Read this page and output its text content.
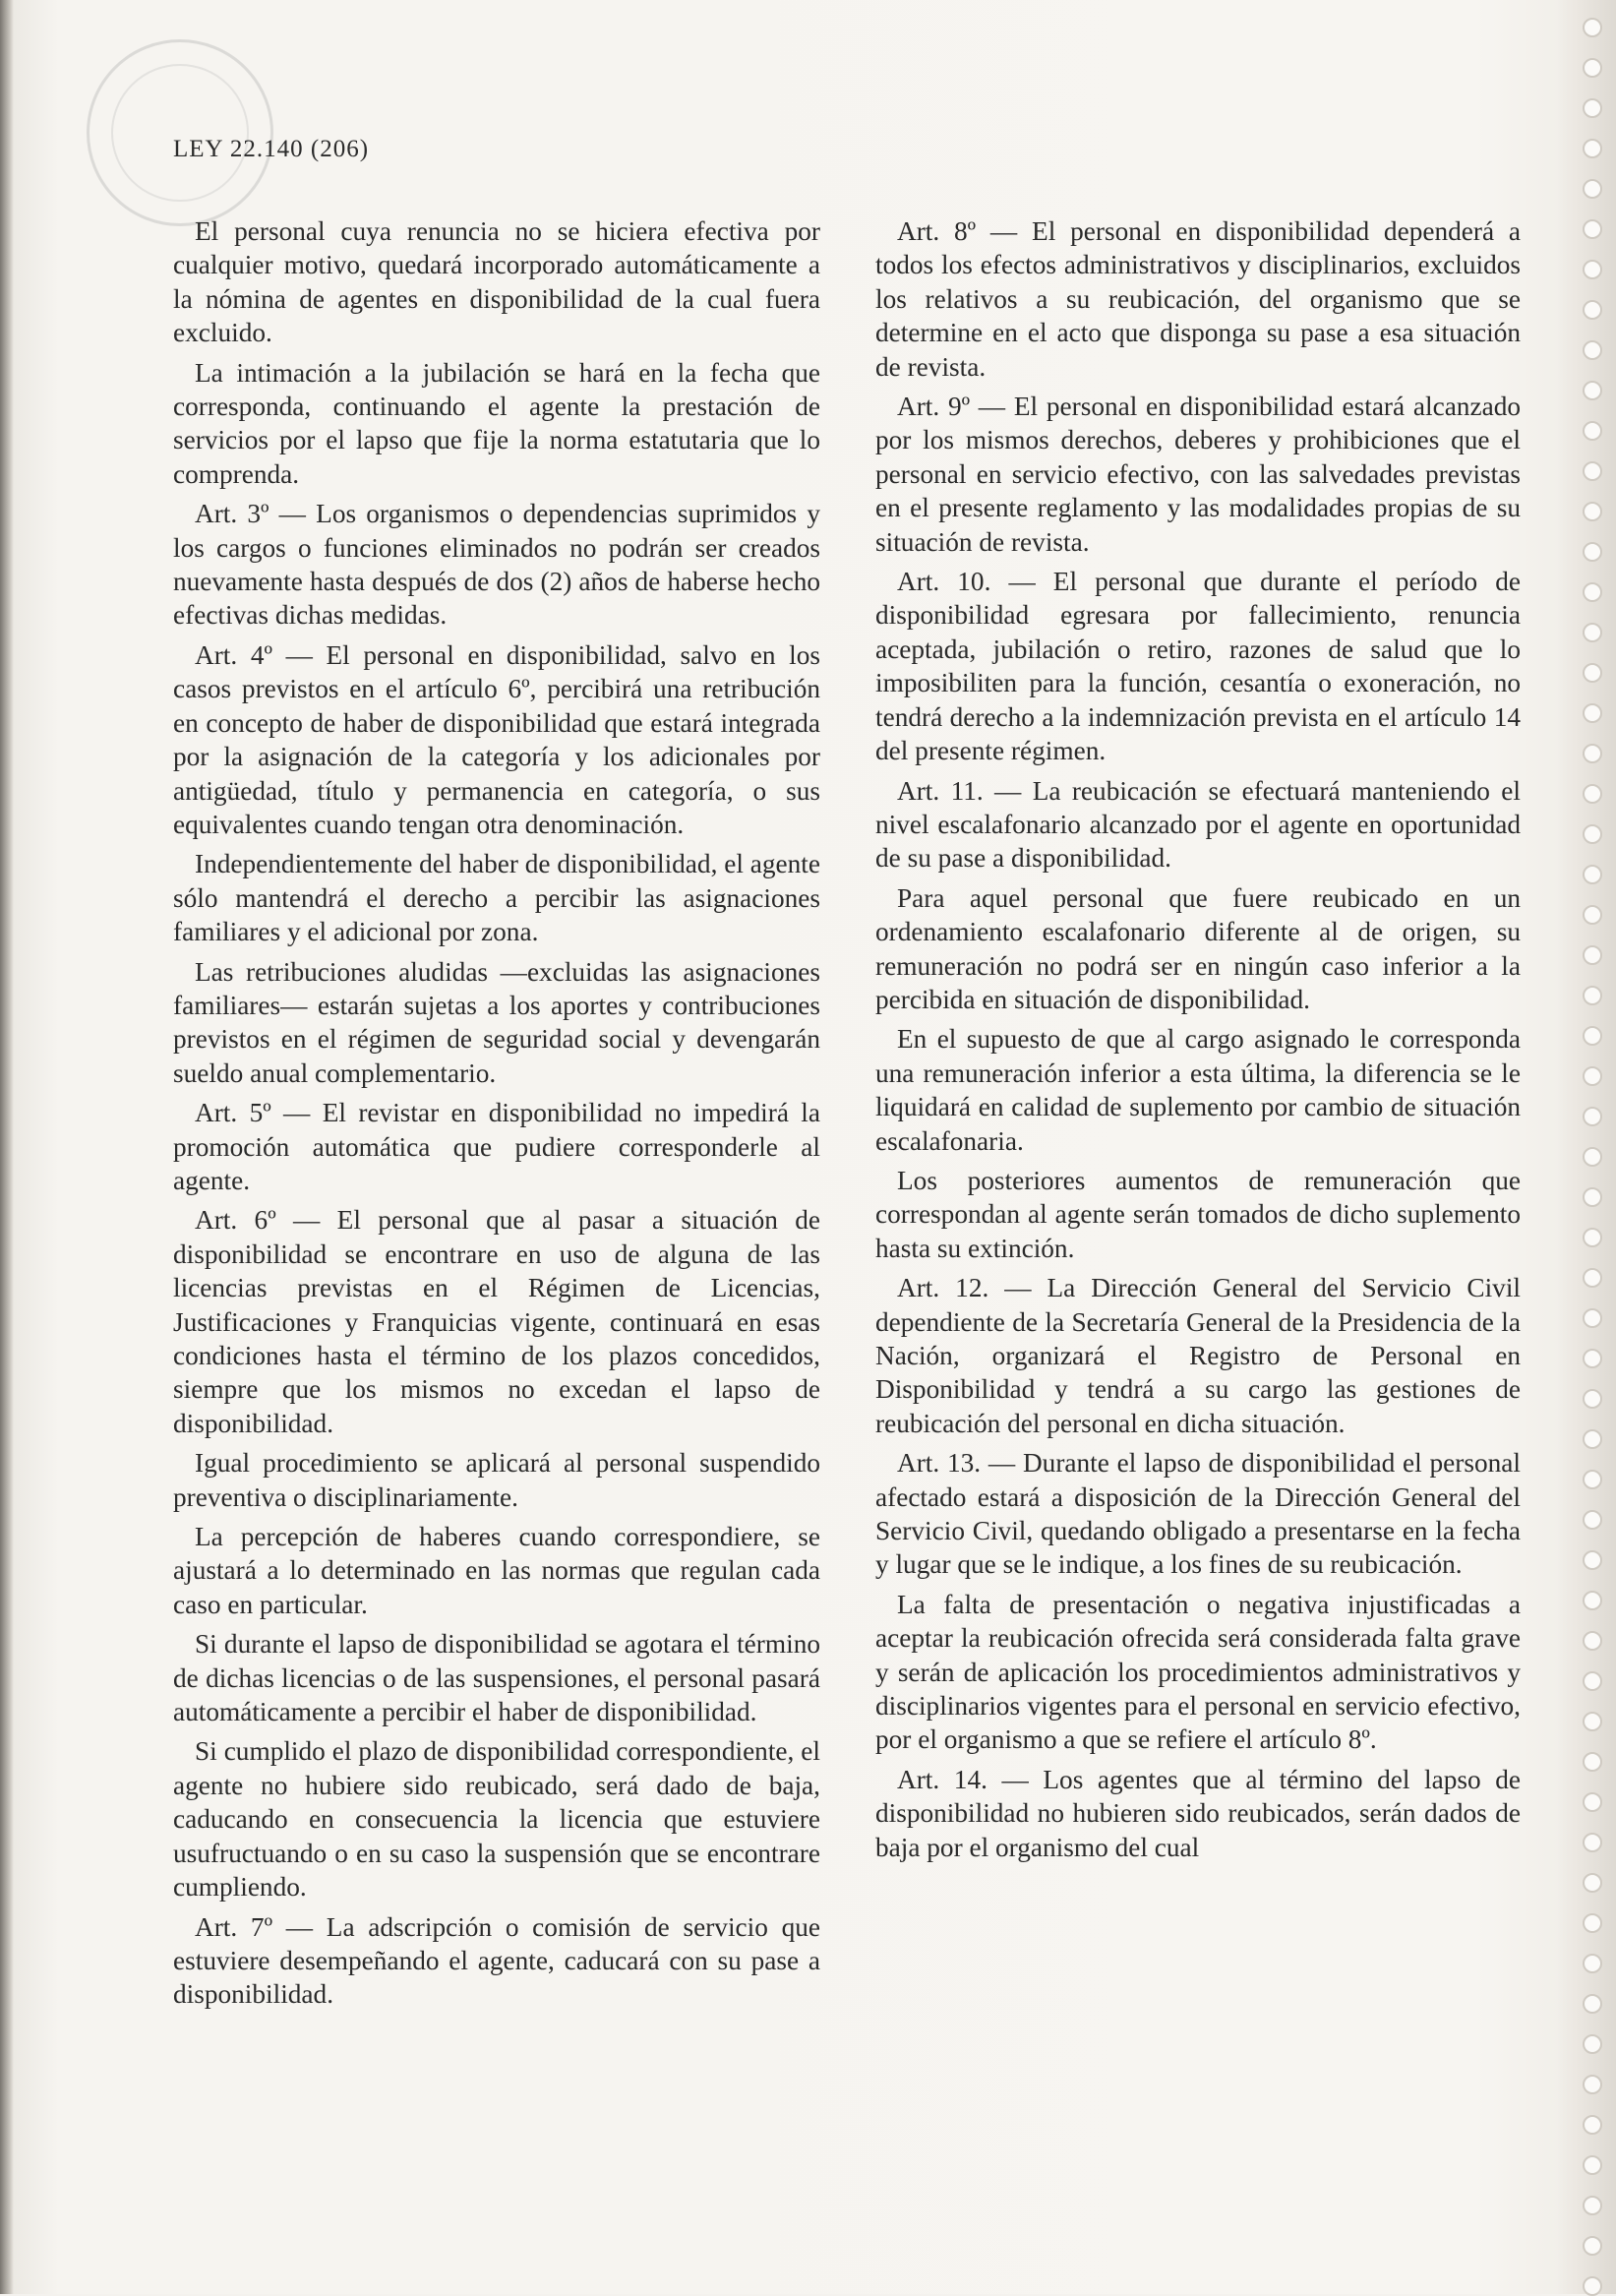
LEY 22.140 (206)

El personal cuya renuncia no se hiciera efectiva por cualquier motivo, quedará incorporado automáticamente a la nómina de agentes en disponibilidad de la cual fuera excluido.

La intimación a la jubilación se hará en la fecha que corresponda, continuando el agente la prestación de servicios por el lapso que fije la norma estatutaria que lo comprenda.

Art. 3º — Los organismos o dependencias suprimidos y los cargos o funciones eliminados no podrán ser creados nuevamente hasta después de dos (2) años de haberse hecho efectivas dichas medidas.

Art. 4º — El personal en disponibilidad, salvo en los casos previstos en el artículo 6º, percibirá una retribución en concepto de haber de disponibilidad que estará integrada por la asignación de la categoría y los adicionales por antigüedad, título y permanencia en categoría, o sus equivalentes cuando tengan otra denominación.

Independientemente del haber de disponibilidad, el agente sólo mantendrá el derecho a percibir las asignaciones familiares y el adicional por zona.

Las retribuciones aludidas —excluidas las asignaciones familiares— estarán sujetas a los aportes y contribuciones previstos en el régimen de seguridad social y devengarán sueldo anual complementario.

Art. 5º — El revistar en disponibilidad no impedirá la promoción automática que pudiere corresponderle al agente.

Art. 6º — El personal que al pasar a situación de disponibilidad se encontrare en uso de alguna de las licencias previstas en el Régimen de Licencias, Justificaciones y Franquicias vigente, continuará en esas condiciones hasta el término de los plazos concedidos, siempre que los mismos no excedan el lapso de disponibilidad.

Igual procedimiento se aplicará al personal suspendido preventiva o disciplinariamente.

La percepción de haberes cuando correspondiere, se ajustará a lo determinado en las normas que regulan cada caso en particular.

Si durante el lapso de disponibilidad se agotara el término de dichas licencias o de las suspensiones, el personal pasará automáticamente a percibir el haber de disponibilidad.

Si cumplido el plazo de disponibilidad correspondiente, el agente no hubiere sido reubicado, será dado de baja, caducando en consecuencia la licencia que estuviere usufructuando o en su caso la suspensión que se encontrare cumpliendo.

Art. 7º — La adscripción o comisión de servicio que estuviere desempeñando el agente, caducará con su pase a disponibilidad.

Art. 8º — El personal en disponibilidad dependerá a todos los efectos administrativos y disciplinarios, excluidos los relativos a su reubicación, del organismo que se determine en el acto que disponga su pase a esa situación de revista.

Art. 9º — El personal en disponibilidad estará alcanzado por los mismos derechos, deberes y prohibiciones que el personal en servicio efectivo, con las salvedades previstas en el presente reglamento y las modalidades propias de su situación de revista.

Art. 10. — El personal que durante el período de disponibilidad egresara por fallecimiento, renuncia aceptada, jubilación o retiro, razones de salud que lo imposibiliten para la función, cesantía o exoneración, no tendrá derecho a la indemnización prevista en el artículo 14 del presente régimen.

Art. 11. — La reubicación se efectuará manteniendo el nivel escalafonario alcanzado por el agente en oportunidad de su pase a disponibilidad.

Para aquel personal que fuere reubicado en un ordenamiento escalafonario diferente al de origen, su remuneración no podrá ser en ningún caso inferior a la percibida en situación de disponibilidad.

En el supuesto de que al cargo asignado le corresponda una remuneración inferior a esta última, la diferencia se le liquidará en calidad de suplemento por cambio de situación escalafonaria.

Los posteriores aumentos de remuneración que correspondan al agente serán tomados de dicho suplemento hasta su extinción.

Art. 12. — La Dirección General del Servicio Civil dependiente de la Secretaría General de la Presidencia de la Nación, organizará el Registro de Personal en Disponibilidad y tendrá a su cargo las gestiones de reubicación del personal en dicha situación.

Art. 13. — Durante el lapso de disponibilidad el personal afectado estará a disposición de la Dirección General del Servicio Civil, quedando obligado a presentarse en la fecha y lugar que se le indique, a los fines de su reubicación.

La falta de presentación o negativa injustificadas a aceptar la reubicación ofrecida será considerada falta grave y serán de aplicación los procedimientos administrativos y disciplinarios vigentes para el personal en servicio efectivo, por el organismo a que se refiere el artículo 8º.

Art. 14. — Los agentes que al término del lapso de disponibilidad no hubieren sido reubicados, serán dados de baja por el organismo del cual
